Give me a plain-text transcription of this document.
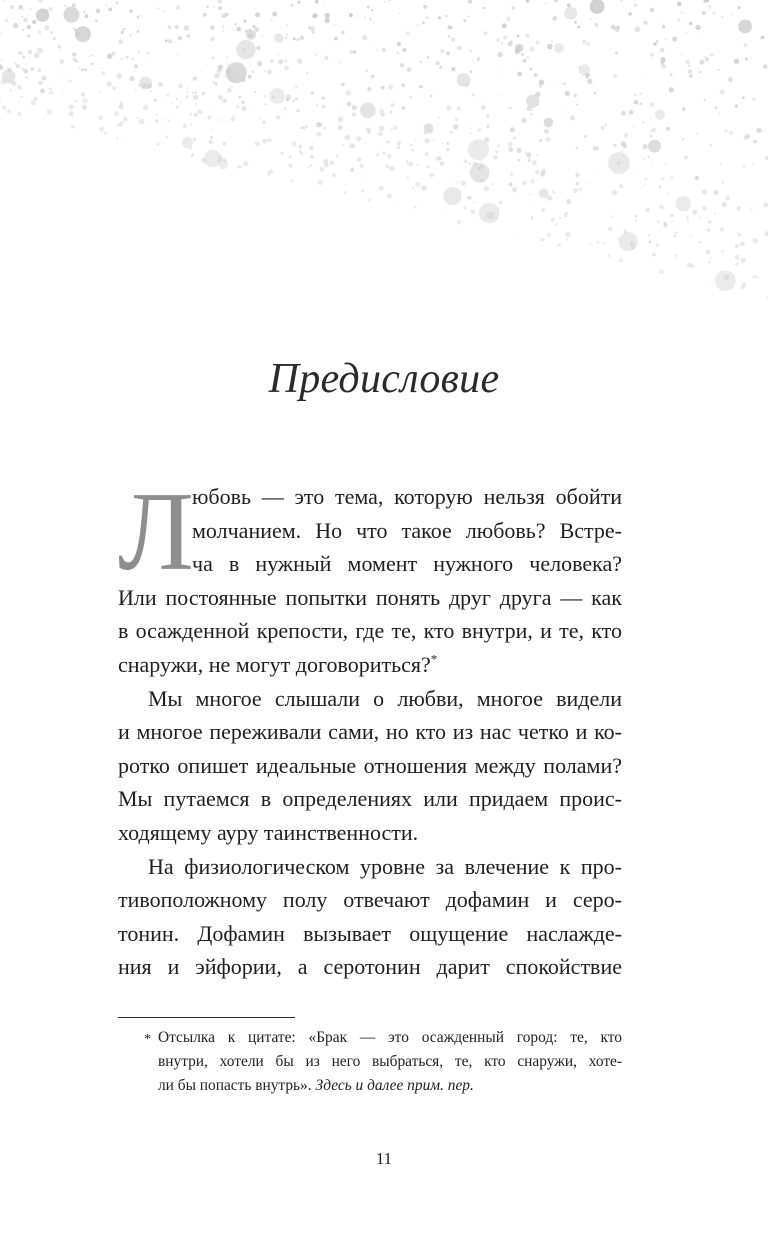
Предисловие
Л
юбовь — это тема, которую нельзя обойти
молчанием. Но что такое любовь? Встре-
ча в нужный момент нужного человека?
Или постоянные попытки понять друг друга — как
в осажденной крепости, где те, кто внутри, и те, кто
снаружи, не могут договориться?*
Мы многое слышали о любви, многое видели
и многое переживали сами, но кто из нас четко и ко-
ротко опишет идеальные отношения между полами?
Мы путаемся в определениях или придаем проис-
ходящему ауру таинственности.
На физиологическом уровне за влечение к про-
тивоположному полу отвечают дофамин и серо-
тонин. Дофамин вызывает ощущение наслажде-
ния и эйфории, а серотонин дарит спокойствие
* Отсылка к цитате: «Брак — это осажденный город: те, кто
внутри, хотели бы из него выбраться, те, кто снаружи, хоте-
ли бы попасть внутрь». Здесь и далее прим. пер.
11
